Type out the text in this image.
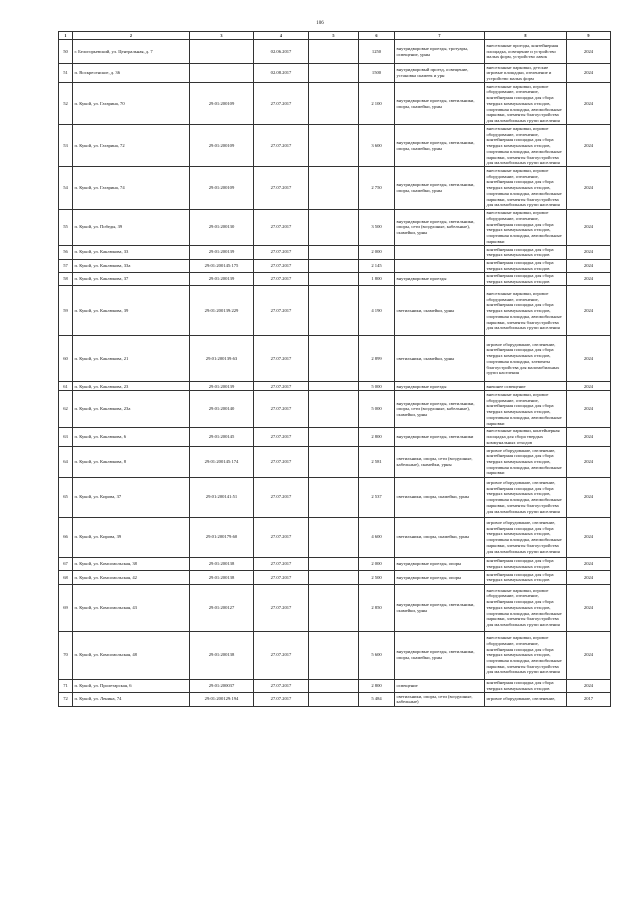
106
1	2	3	4	5	6	7	8	9
50	г. Белогорьевский, ул. Центральная, д. 7		02.06.2017		1250	внутридворовые проезды, тротуары, освещение, урны	внесезонные проезды, контейнерная площадка, освещение и устройство малых форм, устройство лавок	2024
51	п. Воскресенское, д. 36		02.08.2017		1500	внутридворовый проезд, освещение, установка скамеек и урн	внесезонные парковки, детские игровые площадки, озеленение и устройство малых форм	2024
52	п. Кукой, ул. Гагарина, 70	29:01:200109	27.07.2017		2 100	внутридворовые проезды, светильники, опоры, скамейки, урны	внесезонные парковки, игровое оборудование, озеленение, контейнерная площадка для сбора твердых коммунальных отходов, спортивная площадка, автомобильные парковки, элементы благоустройства для маломобильных групп населения	2024
53	п. Кукой, ул. Гагарина, 72	29:01:200109	27.07.2017		3 600	внутридворовые проезды, светильники, опоры, скамейки, урны	внесезонные парковки, игровое оборудование, озеленение, контейнерная площадка для сбора твердых коммунальных отходов, спортивная площадка, автомобильные парковки, элементы благоустройства для маломобильных групп населения	2024
54	п. Кукой, ул. Гагарина, 74	29:01:200109	27.07.2017		2 750	внутридворовые проезды, светильники, опоры, скамейки, урны	внесезонные парковки, игровое оборудование, озеленение, контейнерная площадка для сбора твердых коммунальных отходов, спортивная площадка, автомобильные парковки, элементы благоустройства для маломобильных групп населения	2024
55	п. Кукой, ул. Победы, 39	29:01:200130	27.07.2017		3 500	внутридворовые проезды, светильники, опоры, сети (воздушные, кабельные), скамейки, урны	внесезонные парковки, игровое оборудование, озеленение, контейнерная площадка для сбора твердых коммунальных отходов, спортивная площадка, автомобильные парковки	2024
56	п. Кукой, ул. Каклюкова, 33	29:01:200139	27.07.2017		2 000		контейнерная площадка для сбора твердых коммунальных отходов	2024
57	п. Кукой, ул. Каклюкова, 33а	29:01:200145:175	27.07.2017		2 145		контейнерная площадка для сбора твердых коммунальных отходов	2024
58	п. Кукой, ул. Каклюкова, 37	29:01:200139	27.07.2017		1 800	внутридворовые проезды	контейнерная площадка для сбора твердых коммунальных отходов	2024
59	п. Кукой, ул. Каклюкова, 39	29:01:200139:229	27.07.2017		4 190	светильники, скамейки, урны	внесезонные парковки, игровое оборудование, озеленение, контейнерная площадка для сбора твердых коммунальных отходов, спортивная площадка, автомобильные парковки, элементы благоустройства для маломобильных групп населения	2024
60	п. Кукой, ул. Каклюкова, 21	29:01:200139:63	27.07.2017		2 899	светильники, скамейки, урны	игровое оборудование, озеленение, контейнерная площадка для сбора твердых коммунальных отходов, спортивная площадка, элементы благоустройства для маломобильных групп населения	2024
61	п. Кукой, ул. Каклюкова, 23	29:01:200139	27.07.2017		5 000	внутридворовые проезды	внешнее освещение	2024
62	п. Кукой, ул. Каклюкова, 23а	29:01:200140	27.07.2017		5 000	внутридворовые проезды, светильники, опоры, сети (воздушные, кабельные), скамейки, урны	внесезонные парковки, игровое оборудование, озеленение, контейнерная площадка для сбора твердых коммунальных отходов, спортивная площадка, автомобильные парковки	2024
63	п. Кукой, ул. Каклюкова, 6	29:01:200145	27.07.2017		2 800	внутридворовые проезды, светильники	внесезонные парковки, контейнерная площадка для сбора твердых коммунальных отходов	2024
64	п. Кукой, ул. Каклюкова, 8	29:01:200145:174	27.07.2017		2 581	светильники, опоры, сети (воздушные, кабельные), скамейки, урны	игровое оборудование, озеленение, контейнерная площадка для сбора твердых коммунальных отходов, спортивная площадка, автомобильные парковки	2024
65	п. Кукой, ул. Кирова, 37	29:01:200141:51	27.07.2017		2 537	светильники, опоры, скамейки, урны	игровое оборудование, озеленение, контейнерная площадка для сбора твердых коммунальных отходов, спортивная площадка, автомобильные парковки, элементы благоустройства для маломобильных групп населения	2024
66	п. Кукой, ул. Кирова, 39	29:01:200179:60	27.07.2017		4 600	светильники, опоры, скамейки, урны	игровое оборудование, озеленение, контейнерная площадка для сбора твердых коммунальных отходов, спортивная площадка, автомобильные парковки, элементы благоустройства для маломобильных групп населения	2024
67	п. Кукой, ул. Комсомольская, 38	29:01:200138	27.07.2017		2 000	внутридворовые проезды, опоры	контейнерная площадка для сбора твердых коммунальных отходов	2024
68	п. Кукой, ул. Комсомольская, 42	29:01:200138	27.07.2017		2 500	внутридворовые проезды, опоры	контейнерная площадка для сбора твердых коммунальных отходов	2024
69	п. Кукой, ул. Комсомольская, 43	29:01:200127	27.07.2017		2 850	внутридворовые проезды, светильники, скамейки, урны	внесезонные парковки, игровое оборудование, озеленение, контейнерная площадка для сбора твердых коммунальных отходов, спортивная площадка, автомобильные парковки, элементы благоустройства для маломобильных групп населения	2024
70	п. Кукой, ул. Комсомольская, 48	29:01:200138	27.07.2017		5 600	внутридворовые проезды, светильники, опоры, скамейки, урны	внесезонные парковки, игровое оборудование, озеленение, контейнерная площадка для сбора твердых коммунальных отходов, спортивная площадка, автомобильные парковки, элементы благоустройства для маломобильных групп населения	2024
71	п. Кукой, ул. Пролетарская, 6	29:01:200037	27.07.2017		2 800	освещение	контейнерная площадка для сбора твердых коммунальных отходов	2024
72	п. Кукой, ул. Ленина, 74	29:01:200129:194	27.07.2017		5 484	светильники, опоры, сети (воздушные, кабельные)	игровое оборудование, озеленение,	2017
